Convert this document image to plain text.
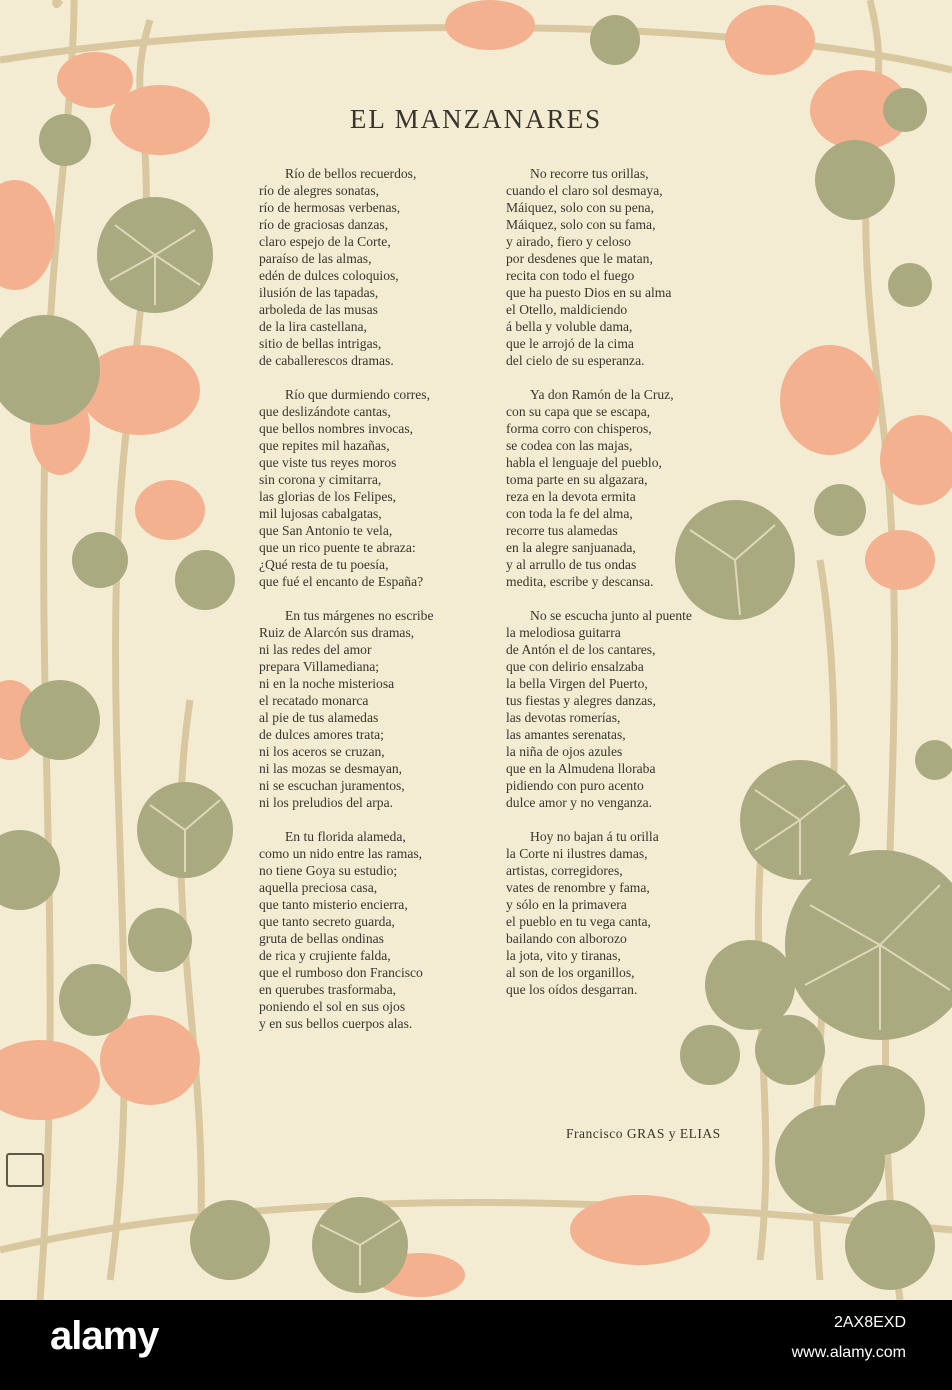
EL MANZANARES
Río de bellos recuerdos,
río de alegres sonatas,
río de hermosas verbenas,
río de graciosas danzas,
claro espejo de la Corte,
paraíso de las almas,
edén de dulces coloquios,
ilusión de las tapadas,
arboleda de las musas
de la lira castellana,
sitio de bellas intrigas,
de caballerescos dramas.
Río que durmiendo corres,
que deslizándote cantas,
que bellos nombres invocas,
que repites mil hazañas,
que viste tus reyes moros
sin corona y cimitarra,
las glorias de los Felipes,
mil lujosas cabalgatas,
que San Antonio te vela,
que un rico puente te abraza:
¿Qué resta de tu poesía,
que fué el encanto de España?
En tus márgenes no escribe
Ruiz de Alarcón sus dramas,
ni las redes del amor
prepara Villamediana;
ni en la noche misteriosa
el recatado monarca
al pie de tus alamedas
de dulces amores trata;
ni los aceros se cruzan,
ni las mozas se desmayan,
ni se escuchan juramentos,
ni los preludios del arpa.
En tu florida alameda,
como un nido entre las ramas,
no tiene Goya su estudio;
aquella preciosa casa,
que tanto misterio encierra,
que tanto secreto guarda,
gruta de bellas ondinas
de rica y crujiente falda,
que el rumboso don Francisco
en querubes trasformaba,
poniendo el sol en sus ojos
y en sus bellos cuerpos alas.
No recorre tus orillas,
cuando el claro sol desmaya,
Máiquez, solo con su pena,
Máiquez, solo con su fama,
y airado, fiero y celoso
por desdenes que le matan,
recita con todo el fuego
que ha puesto Dios en su alma
el Otello, maldiciendo
á bella y voluble dama,
que le arrojó de la cima
del cielo de su esperanza.
Ya don Ramón de la Cruz,
con su capa que se escapa,
forma corro con chisperos,
se codea con las majas,
habla el lenguaje del pueblo,
toma parte en su algazara,
reza en la devota ermita
con toda la fe del alma,
recorre tus alamedas
en la alegre sanjuanada,
y al arrullo de tus ondas
medita, escribe y descansa.
No se escucha junto al puente
la melodiosa guitarra
de Antón el de los cantares,
que con delirio ensalzaba
la bella Virgen del Puerto,
tus fiestas y alegres danzas,
las devotas romerías,
las amantes serenatas,
la niña de ojos azules
que en la Almudena lloraba
pidiendo con puro acento
dulce amor y no venganza.
Hoy no bajan á tu orilla
la Corte ni ilustres damas,
artistas, corregidores,
vates de renombre y fama,
y sólo en la primavera
el pueblo en tu vega canta,
bailando con alborozo
la jota, vito y tiranas,
al son de los organillos,
que los oídos desgarran.
Francisco GRAS y ELIAS
alamy	2AX8EXD
www.alamy.com
